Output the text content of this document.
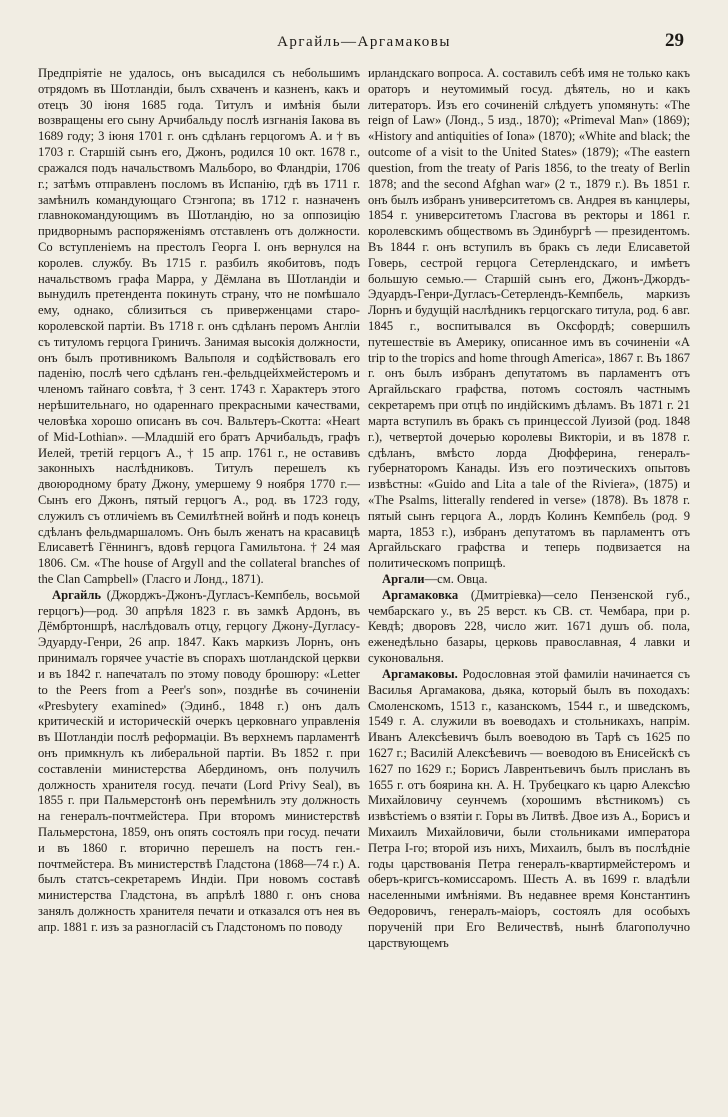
Аргайль—Аргамаковы	29

Предпрiятiе не удалось, онъ высадился съ небольшимъ отрядомъ въ Шотландiи, былъ схваченъ и казненъ, какъ и отецъ 30 iюня 1685 года. Титулъ и имѣнiя были возвращены его сыну Арчибальду послѣ изгнанiя Iакова въ 1689 году; 3 iюня 1701 г. онъ сдѣланъ герцогомъ А. и † въ 1703 г. Старшiй сынъ его, Джонъ, родился 10 окт. 1678 г., сражался подъ начальствомъ Мальборо, во Фландрiи, 1706 г.; затѣмъ отправленъ посломъ въ Испанiю, гдѣ въ 1711 г. замѣнилъ командующаго Стэнгопа; въ 1712 г. назначенъ главнокомандующимъ въ Шотландiю, но за оппозицiю придворнымъ распоряженiямъ отставленъ отъ должности. Со вступленiемъ на престолъ Георга I. онъ вернулся на королев. службу. Въ 1715 г. разбилъ якобитовъ, подъ начальствомъ графа Марра, у Дёмлана въ Шотландiи и вынудилъ претендента покинуть страну, что не помѣшало ему, однако, сблизиться съ приверженцами старо-королевской партiи. Въ 1718 г. онъ сдѣланъ перомъ Англiи съ титуломъ герцога Гриничъ. Занимая высокiя должности, онъ былъ противникомъ Вальполя и содѣйствовалъ его паденiю, послѣ чего сдѣланъ ген.-фельдцейхмейстеромъ и членомъ тайнаго совѣта, † 3 сент. 1743 г. Характеръ этого нерѣшительнаго, но одареннаго прекрасными качествами, человѣка хорошо описанъ въ соч. Вальтеръ-Скотта: «Heart of Mid-Lothian». —Младшiй его братъ Арчибальдъ, графъ Иелей, третiй герцогъ А., † 15 апр. 1761 г., не оставивъ законныхъ наслѣдниковъ. Титулъ перешелъ къ двоюродному брату Джону, умершему 9 ноября 1770 г.—Сынъ его Джонъ, пятый герцогъ А., род. въ 1723 году, служилъ съ отличiемъ въ Семилѣтней войнѣ и подъ конецъ сдѣланъ фельдмаршаломъ. Онъ былъ женатъ на красавицѣ Елисаветѣ Гённингъ, вдовѣ герцога Гамильтона. † 24 мая 1806. См. «The house of Argyll and the collateral branches of the Clan Campbell» (Гласго и Лонд., 1871).

Аргайль (Джорджъ-Джонъ-Дугласъ-Кемпбель, восьмой герцогъ)—род. 30 апрѣля 1823 г. въ замкѣ Ардонъ, въ Дёмбртоншрѣ, наслѣдовалъ отцу, герцогу Джону-Дугласу-Эдуарду-Генри, 26 апр. 1847. Какъ маркизъ Лорнъ, онъ принималъ горячее участiе въ спорахъ шотландской церкви и въ 1842 г. напечаталъ по этому поводу брошюру: «Letter to the Peers from a Peer's son», позднѣе въ сочиненiи «Presbytery examined» (Эдинб., 1848 г.) онъ далъ критическiй и историческiй очеркъ церковнаго управленiя въ Шотландiи послѣ реформацiи. Въ верхнемъ парламентѣ онъ примкнулъ къ либеральной партiи. Въ 1852 г. при составленiи министерства Абердиномъ, онъ получилъ должность хранителя госуд. печати (Lord Privy Seal), въ 1855 г. при Пальмерстонѣ онъ перемѣнилъ эту должность на генералъ-почтмейстера. При второмъ министерствѣ Пальмерстона, 1859, онъ опять состоялъ при госуд. печати и въ 1860 г. вторично перешелъ на постъ ген.-почтмейстера. Въ министерствѣ Гладстона (1868—74 г.) А. былъ статсъ-секретаремъ Индiи. При новомъ составѣ министерства Гладстона, въ апрѣлѣ 1880 г. онъ снова занялъ должность хранителя печати и отказался отъ нея въ апр. 1881 г. изъ за разногласiй съ Гладстономъ по поводу

ирландскаго вопроса. А. составилъ себѣ имя не только какъ ораторъ и неутомимый госуд. дѣятель, но и какъ литераторъ. Изъ его сочиненiй слѣдуетъ упомянуть: «The reign of Law» (Лонд., 5 изд., 1870); «Primeval Man» (1869); «History and antiquities of Iona» (1870); «White and black; the outcome of a visit to the United States» (1879); «The eastern question, from the treaty of Paris 1856, to the treaty of Berlin 1878; and the second Afghan war» (2 т., 1879 г.). Въ 1851 г. онъ былъ избранъ университетомъ св. Андрея въ канцлеры, 1854 г. университетомъ Гласгова въ ректоры и 1861 г. королевскимъ обществомъ въ Эдинбургѣ — президентомъ. Въ 1844 г. онъ вступилъ въ бракъ съ леди Елисаветой Говерь, сестрой герцога Сетерлендскаго, и имѣетъ большую семью.— Старшiй сынъ его, Джонъ-Джордъ-Эдуардъ-Генри-Дугласъ-Сетерлендъ-Кемпбель, маркизъ Лорнъ и будущiй наслѣдникъ герцогскаго титула, род. 6 авг. 1845 г., воспитывался въ Оксфордѣ; совершилъ путешествiе въ Америку, описанное имъ въ сочиненiи «A trip to the tropics and home through America», 1867 г. Въ 1867 г. онъ былъ избранъ депутатомъ въ парламентъ отъ Аргайльскаго графства, потомъ состоялъ частнымъ секретаремъ при отцѣ по индiйскимъ дѣламъ. Въ 1871 г. 21 марта вступилъ въ бракъ съ принцессой Луизой (род. 1848 г.), четвертой дочерью королевы Викторiи, и въ 1878 г. сдѣланъ, вмѣсто лорда Дюфферина, генералъ-губернаторомъ Канады. Изъ его поэтическихъ опытовъ извѣстны: «Guido and Lita a tale of the Riviera», (1875) и «The Psalms, litterally rendered in verse» (1878). Въ 1878 г. пятый сынъ герцога А., лордъ Колинъ Кемпбель (род. 9 марта, 1853 г.), избранъ депутатомъ въ парламентъ отъ Аргайльскаго графства и теперь подвизается на политическомъ поприщѣ.

Аргали—см. Овца.

Аргамаковка (Дмитрiевка)—село Пензенской губ., чембарскаго у., въ 25 верст. къ СВ. ст. Чембара, при р. Кевдѣ; дворовъ 228, число жит. 1671 душъ об. пола, еженедѣльно базары, церковь православная, 4 лавки и суконовальня.

Аргамаковы. Родословная этой фамилiи начинается съ Василья Аргамакова, дьяка, который былъ въ походахъ: Смоленскомъ, 1513 г., казанскомъ, 1544 г., и шведскомъ, 1549 г. А. служили въ воеводахъ и стольникахъ, напрiм. Иванъ Алексѣевичъ былъ воеводою въ Тарѣ съ 1625 по 1627 г.; Василiй Алексѣевичъ — воеводою въ Енисейскѣ съ 1627 по 1629 г.; Борисъ Лаврентьевичъ былъ присланъ въ 1655 г. отъ боярина кн. А. Н. Трубецкаго къ царю Алексѣю Михайловичу сеунчемъ (хорошимъ вѣстникомъ) съ извѣстiемъ о взятiи г. Горы въ Литвѣ. Двое изъ А., Борисъ и Михаилъ Михайловичи, были стольниками императора Петра I-го; второй изъ нихъ, Михаилъ, былъ въ послѣднiе годы царствованiя Петра генералъ-квартирмейстеромъ и оберъ-кригсъ-комиссаромъ. Шесть А. въ 1699 г. владѣли населенными имѣнiями. Въ недавнее время Константинъ Өедоровичъ, генералъ-маiоръ, состоялъ для особыхъ порученiй при Его Величествѣ, нынѣ благополучно царствующемъ
